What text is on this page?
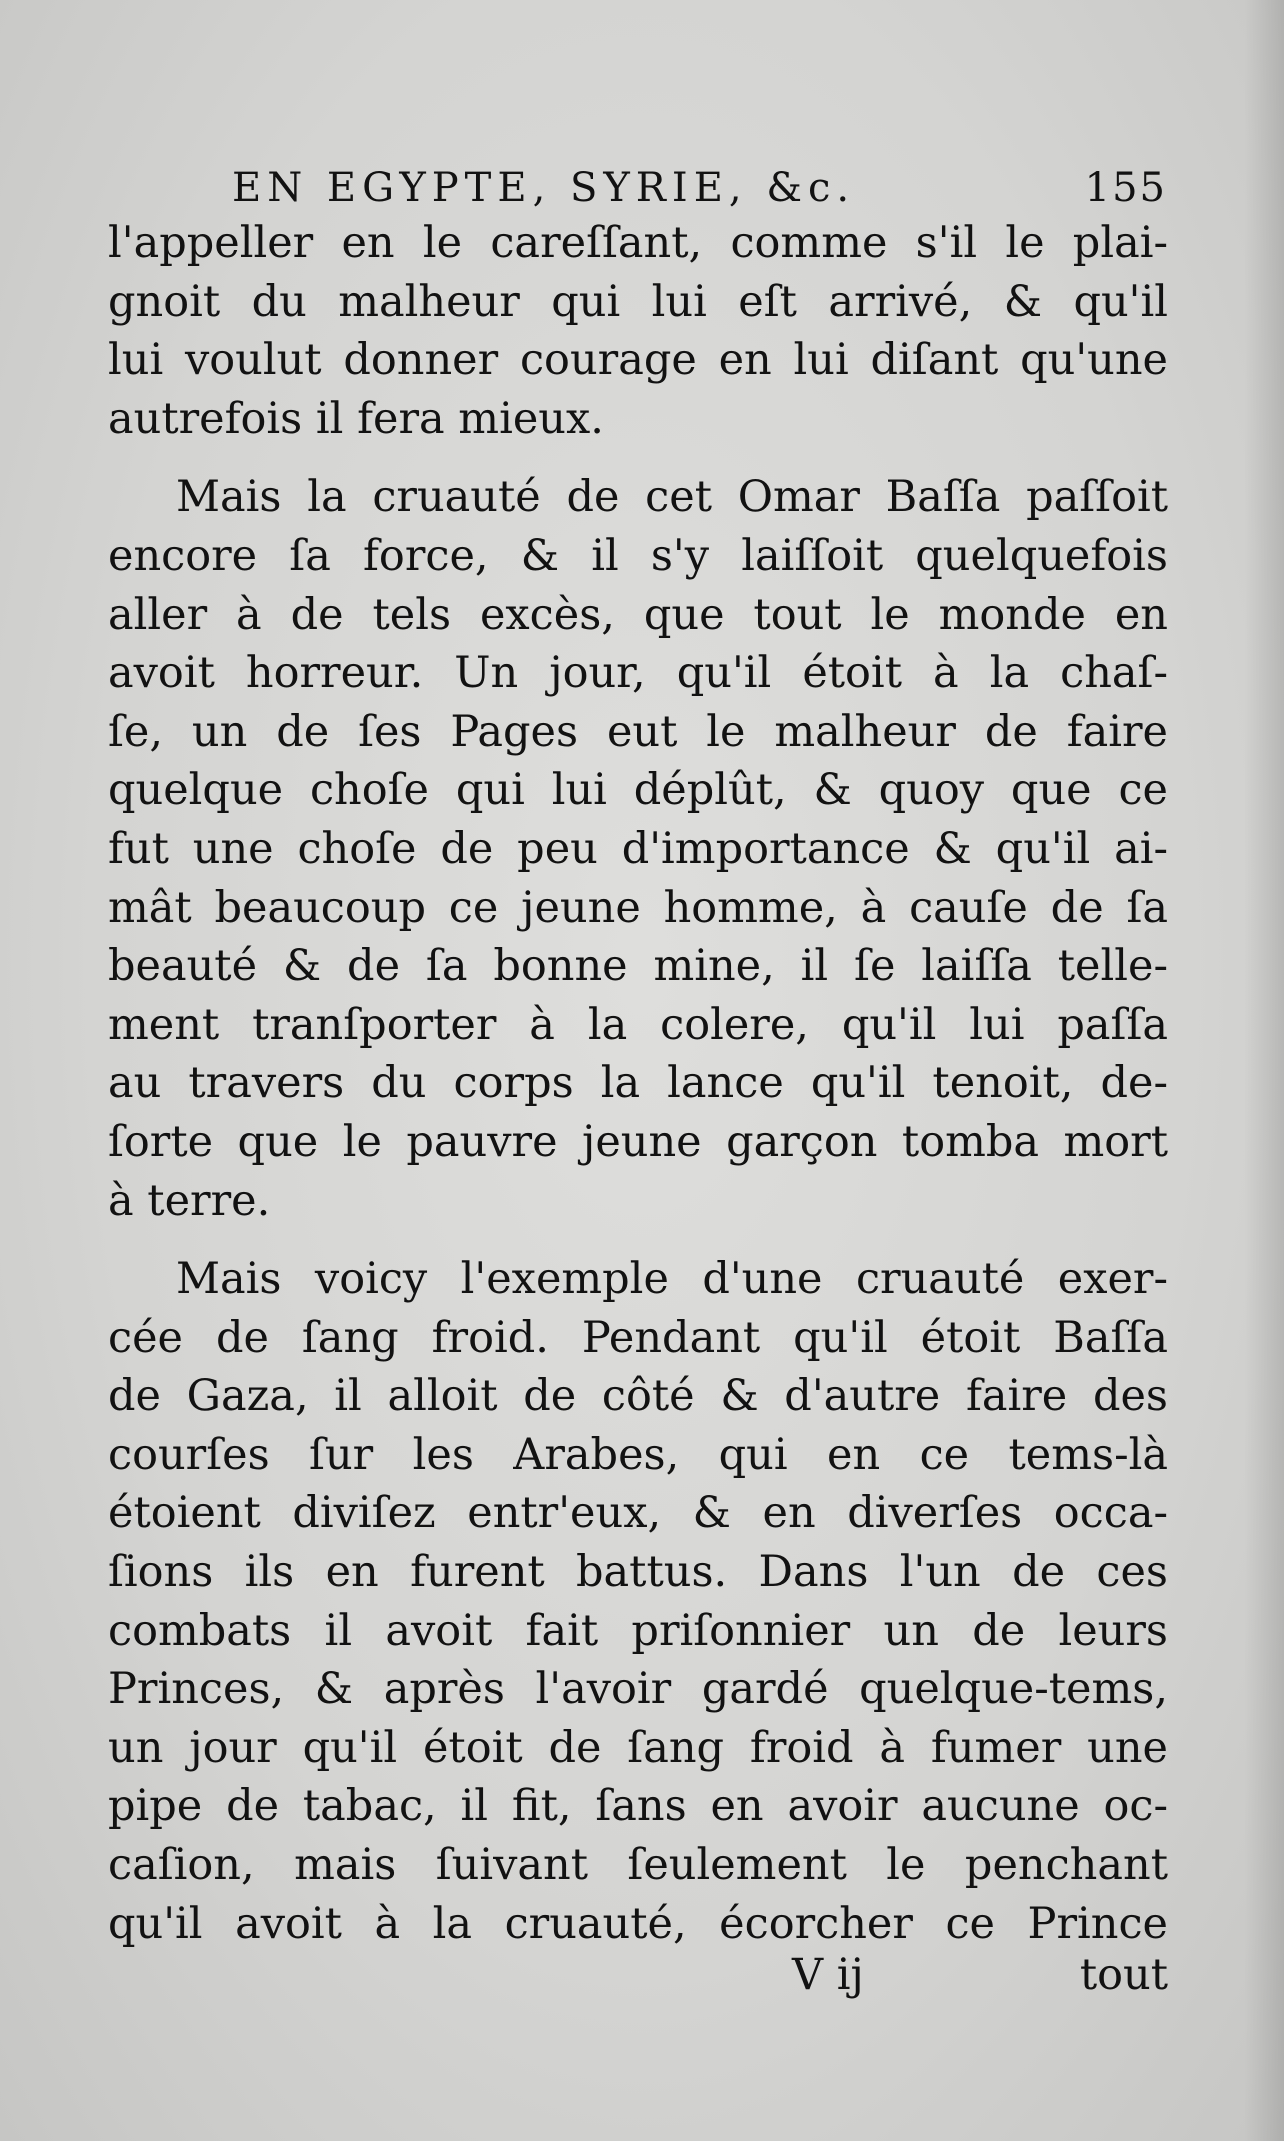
EN EGYPTE, SYRIE, &c.	155
l'appeller en le careſſant, comme s'il le plai-
gnoit du malheur qui lui eſt arrivé, & qu'il
lui voulut donner courage en lui diſant qu'une
autrefois il fera mieux.
Mais la cruauté de cet Omar Baſſa paſſoit
encore ſa force, & il s'y laiſſoit quelquefois
aller à de tels excès, que tout le monde en
avoit horreur. Un jour, qu'il étoit à la chaſ-
ſe, un de ſes Pages eut le malheur de faire
quelque choſe qui lui déplût, & quoy que ce
fut une choſe de peu d'importance & qu'il ai-
mât beaucoup ce jeune homme, à cauſe de ſa
beauté & de ſa bonne mine, il ſe laiſſa telle-
ment tranſporter à la colere, qu'il lui paſſa
au travers du corps la lance qu'il tenoit, de-
ſorte que le pauvre jeune garçon tomba mort
à terre.
Mais voicy l'exemple d'une cruauté exer-
cée de ſang froid. Pendant qu'il étoit Baſſa
de Gaza, il alloit de côté & d'autre faire des
courſes ſur les Arabes, qui en ce tems-là
étoient diviſez entr'eux, & en diverſes occa-
ſions ils en furent battus. Dans l'un de ces
combats il avoit fait priſonnier un de leurs
Princes, & après l'avoir gardé quelque-tems,
un jour qu'il étoit de ſang froid à fumer une
pipe de tabac, il fit, ſans en avoir aucune oc-
caſion, mais ſuivant ſeulement le penchant
qu'il avoit à la cruauté, écorcher ce Prince
V ij	tout
